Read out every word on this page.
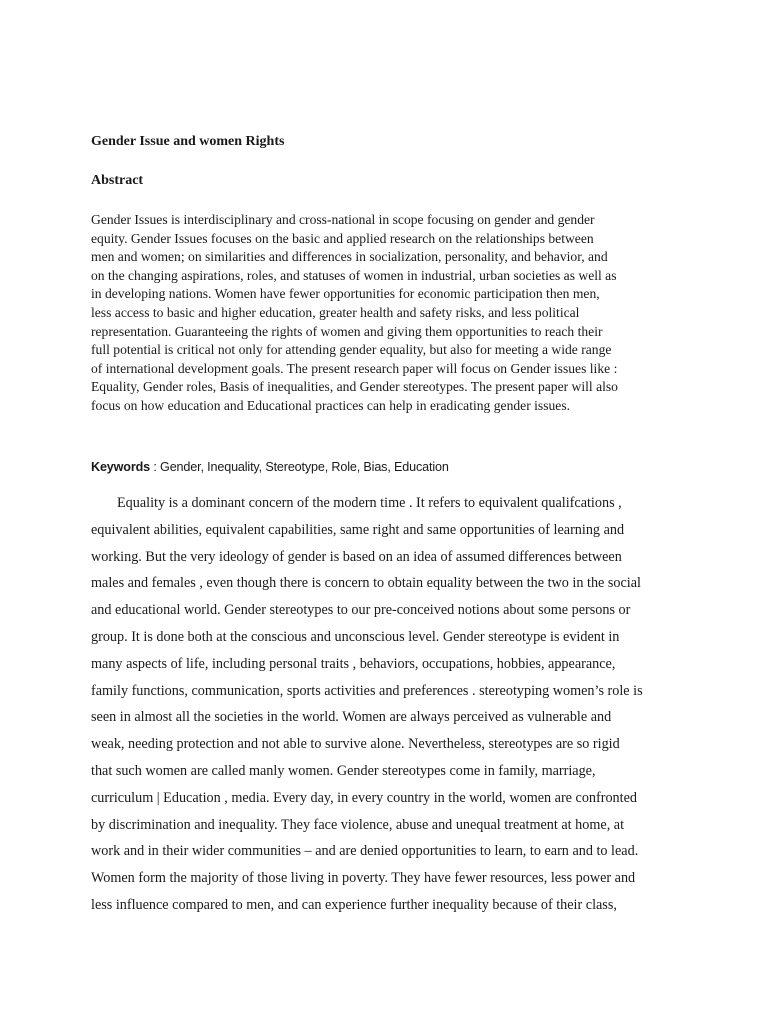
Gender Issue and women Rights
Abstract
Gender Issues is interdisciplinary and cross-national in scope focusing on gender and gender
equity. Gender Issues focuses on the basic and applied research on the relationships between
men and women; on similarities and differences in socialization, personality, and behavior, and
on the changing aspirations, roles, and statuses of women in industrial, urban societies as well as
in developing nations. Women have fewer opportunities for economic participation then men,
less access to basic and higher education, greater health and safety risks, and less political
representation. Guaranteeing the rights of women and giving them opportunities to reach their
full potential is critical not only for attending gender equality, but also for meeting a wide range
of international development goals. The present research paper will focus on Gender issues like :
Equality, Gender roles, Basis of inequalities, and Gender stereotypes. The present paper will also
focus on how education and Educational practices can help in eradicating gender issues.
Keywords : Gender, Inequality, Stereotype, Role, Bias, Education
Equality is a dominant concern of the modern time . It refers to equivalent qualifcations ,
equivalent abilities, equivalent capabilities, same right and same opportunities of learning and
working. But the very ideology of gender is based on an idea of assumed differences between
males and females , even though there is concern to obtain equality between the two in the social
and educational world. Gender stereotypes to our pre-conceived notions about some persons or
group. It is done both at the conscious and unconscious level. Gender stereotype is evident in
many aspects of life, including personal traits , behaviors, occupations, hobbies, appearance,
family functions, communication, sports activities and preferences . stereotyping women’s role is
seen in almost all the societies in the world. Women are always perceived as vulnerable and
weak, needing protection and not able to survive alone. Nevertheless, stereotypes are so rigid
that such women are called manly women. Gender stereotypes come in family, marriage,
curriculum | Education , media. Every day, in every country in the world, women are confronted
by discrimination and inequality. They face violence, abuse and unequal treatment at home, at
work and in their wider communities – and are denied opportunities to learn, to earn and to lead.
Women form the majority of those living in poverty. They have fewer resources, less power and
less influence compared to men, and can experience further inequality because of their class,
